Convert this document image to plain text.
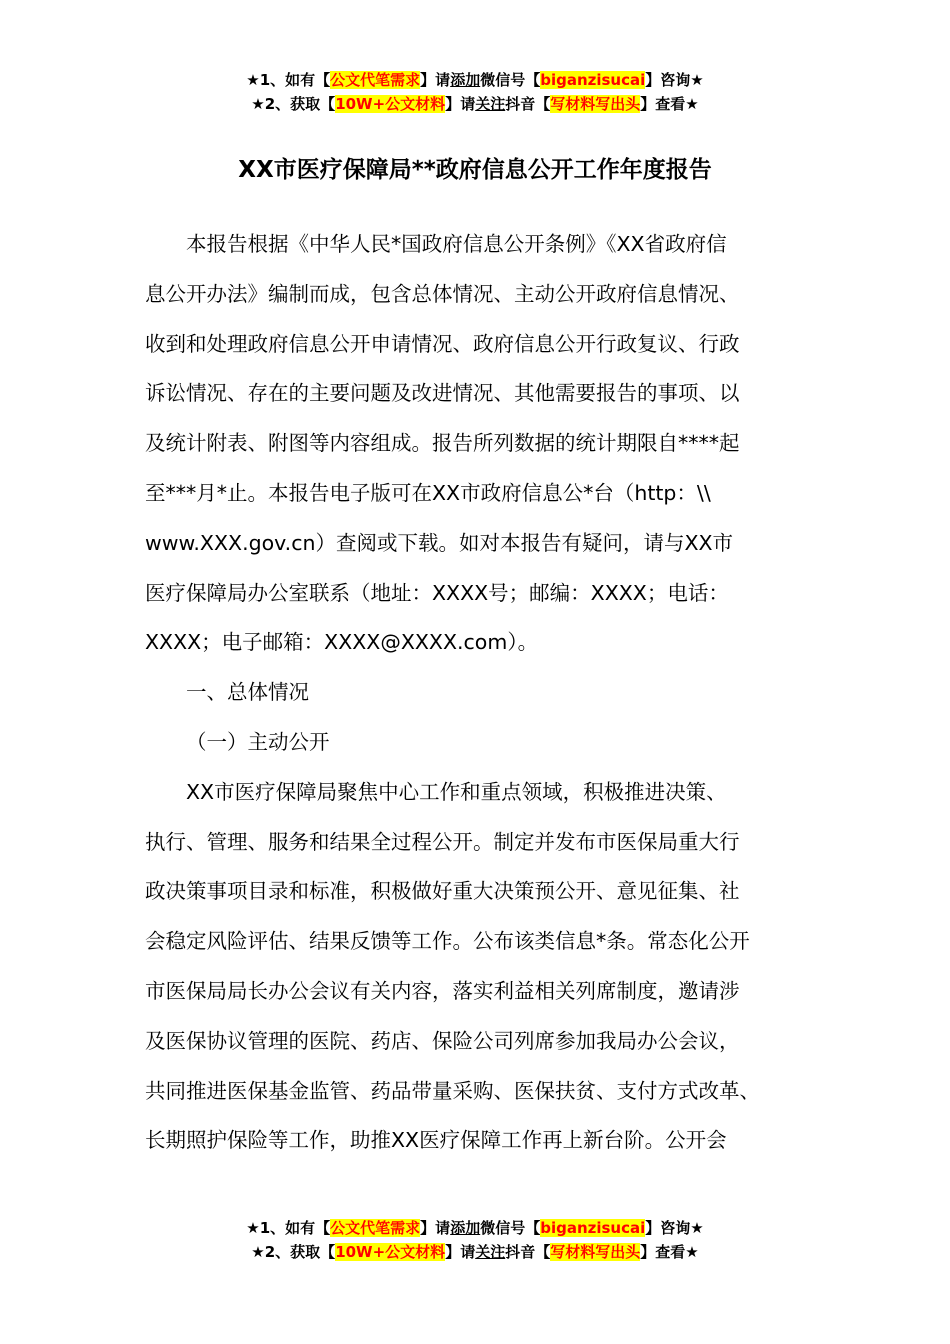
★1、如有【公文代笔需求】请添加微信号【biganzisucai】咨询★
★2、获取【10W+公文材料】请关注抖音【写材料写出头】查看★
XX市医疗保障局**政府信息公开工作年度报告

本报告根据《中华人民*国政府信息公开条例》《XX省政府信
息公开办法》编制而成，包含总体情况、主动公开政府信息情况、
收到和处理政府信息公开申请情况、政府信息公开行政复议、行政
诉讼情况、存在的主要问题及改进情况、其他需要报告的事项、以
及统计附表、附图等内容组成。报告所列数据的统计期限自****起
至***月*止。本报告电子版可在XX市政府信息公*台（http：\\
www.XXX.gov.cn）查阅或下载。如对本报告有疑问，请与XX市
医疗保障局办公室联系（地址：XXXX号；邮编：XXXX；电话：
XXXX；电子邮箱：XXXX@XXXX.com）。

一、总体情况

（一）主动公开

XX市医疗保障局聚焦中心工作和重点领域，积极推进决策、
执行、管理、服务和结果全过程公开。制定并发布市医保局重大行
政决策事项目录和标准，积极做好重大决策预公开、意见征集、社
会稳定风险评估、结果反馈等工作。公布该类信息*条。常态化公开
市医保局局长办公会议有关内容，落实利益相关列席制度，邀请涉
及医保协议管理的医院、药店、保险公司列席参加我局办公会议，
共同推进医保基金监管、药品带量采购、医保扶贫、支付方式改革、
长期照护保险等工作，助推XX医疗保障工作再上新台阶。公开会

★1、如有【公文代笔需求】请添加微信号【biganzisucai】咨询★
★2、获取【10W+公文材料】请关注抖音【写材料写出头】查看★
